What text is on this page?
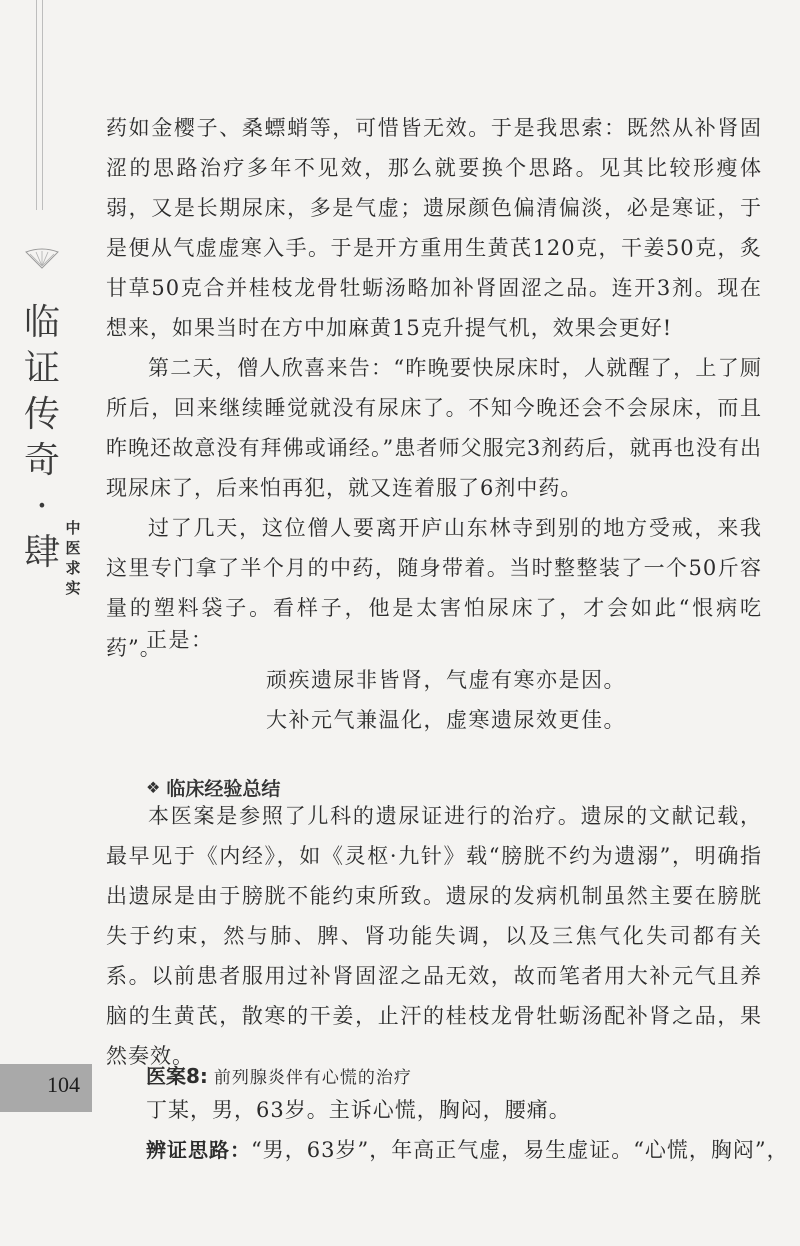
临
证
传
奇
·
肆
中
医
求
实
104

药如金樱子、桑螵蛸等，可惜皆无效。于是我思索：既然从补肾固涩的思路治疗多年不见效，那么就要换个思路。见其比较形瘦体弱，又是长期尿床，多是气虚；遗尿颜色偏清偏淡，必是寒证，于是便从气虚虚寒入手。于是开方重用生黄芪120克，干姜50克，炙甘草50克合并桂枝龙骨牡蛎汤略加补肾固涩之品。连开3剂。现在想来，如果当时在方中加麻黄15克升提气机，效果会更好!

第二天，僧人欣喜来告：“昨晚要快尿床时，人就醒了，上了厕所后，回来继续睡觉就没有尿床了。不知今晚还会不会尿床，而且昨晚还故意没有拜佛或诵经。”患者师父服完3剂药后，就再也没有出现尿床了，后来怕再犯，就又连着服了6剂中药。

过了几天，这位僧人要离开庐山东林寺到别的地方受戒，来我这里专门拿了半个月的中药，随身带着。当时整整装了一个50斤容量的塑料袋子。看样子，他是太害怕尿床了，才会如此“恨病吃药”。

正是：

顽疾遗尿非皆肾，气虚有寒亦是因。

大补元气兼温化，虚寒遗尿效更佳。

❖ 临床经验总结

本医案是参照了儿科的遗尿证进行的治疗。遗尿的文献记载，最早见于《内经》，如《灵枢·九针》载“膀胱不约为遗溺”，明确指出遗尿是由于膀胱不能约束所致。遗尿的发病机制虽然主要在膀胱失于约束，然与肺、脾、肾功能失调，以及三焦气化失司都有关系。以前患者服用过补肾固涩之品无效，故而笔者用大补元气且养脑的生黄芪，散寒的干姜，止汗的桂枝龙骨牡蛎汤配补肾之品，果然奏效。

医案8: 前列腺炎伴有心慌的治疗

丁某，男，63岁。主诉心慌，胸闷，腰痛。

辨证思路：“男，63岁”，年高正气虚，易生虚证。“心慌，胸闷”，
